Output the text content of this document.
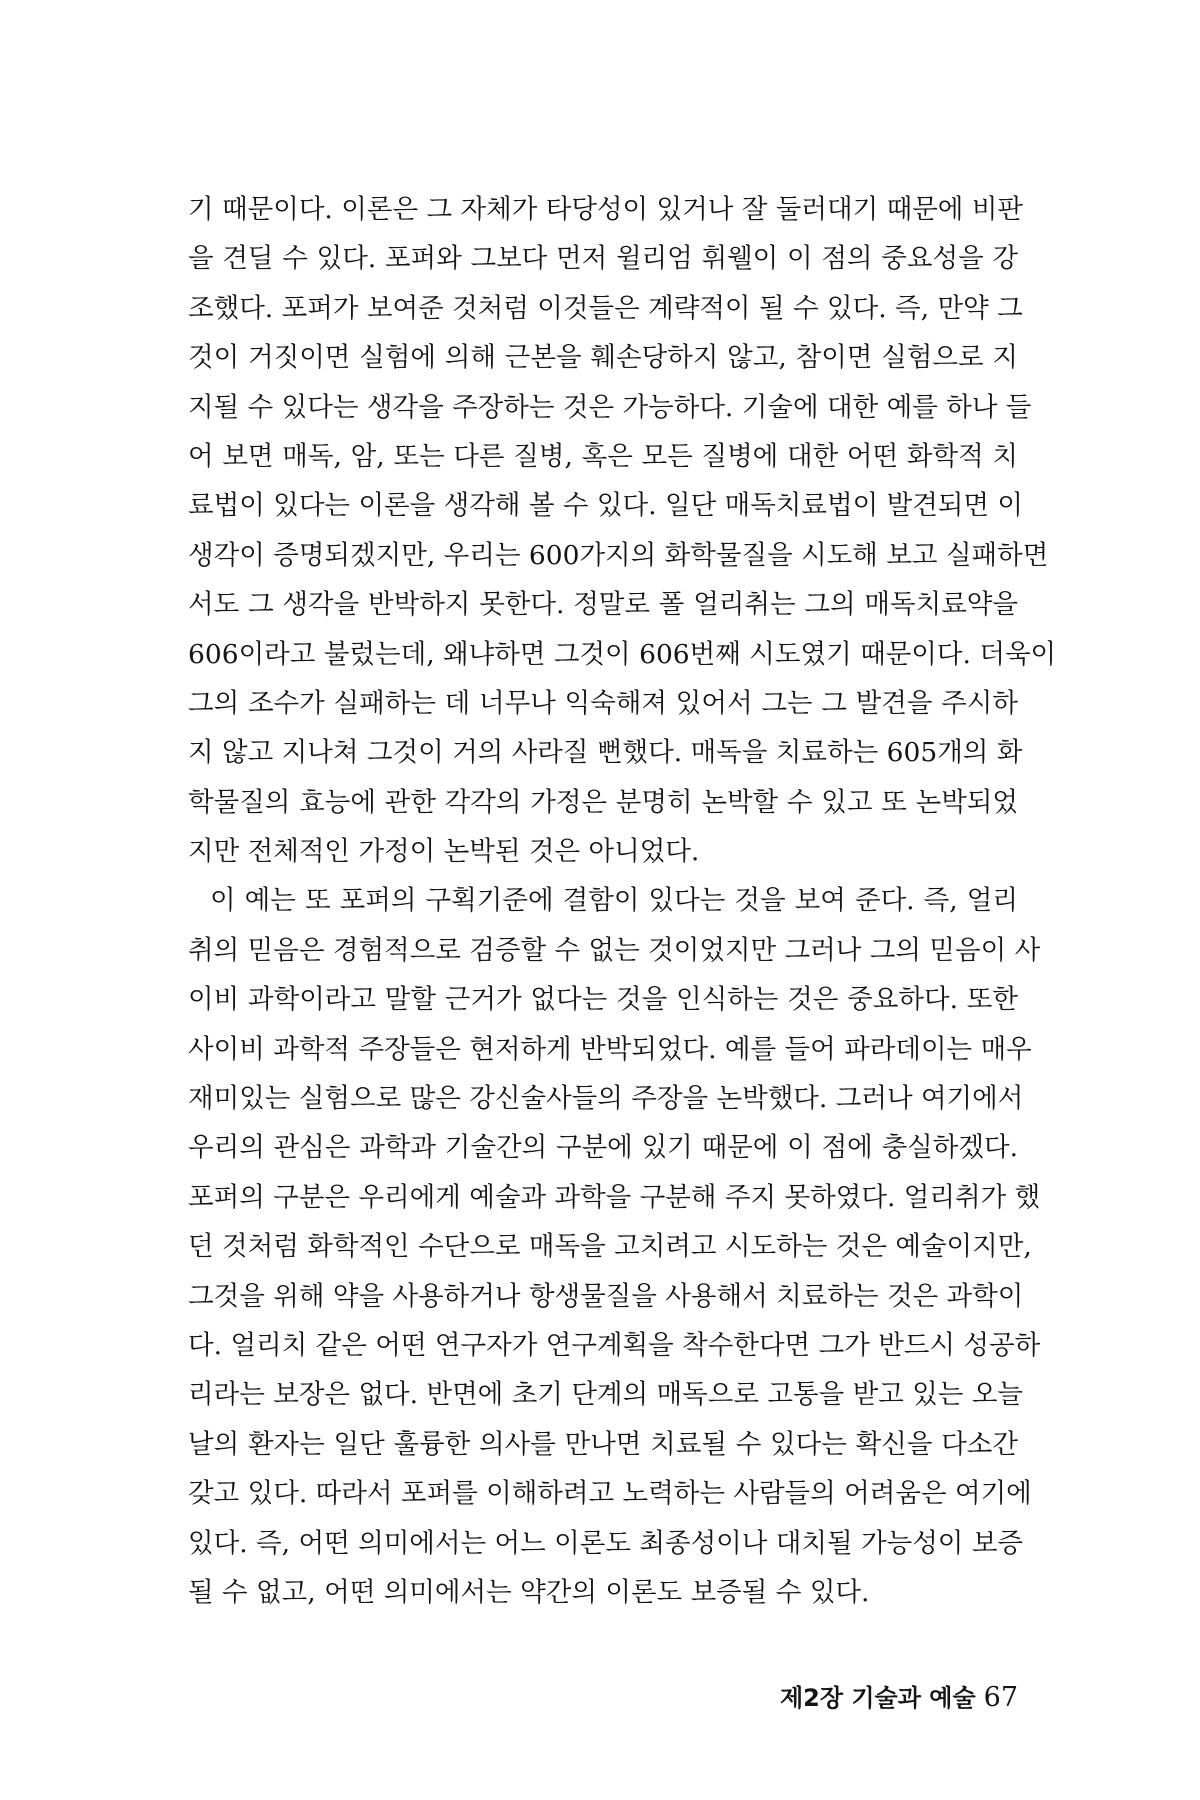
기 때문이다. 이론은 그 자체가 타당성이 있거나 잘 둘러대기 때문에 비판
을 견딜 수 있다. 포퍼와 그보다 먼저 윌리엄 휘웰이 이 점의 중요성을 강
조했다. 포퍼가 보여준 것처럼 이것들은 계략적이 될 수 있다. 즉, 만약 그
것이 거짓이면 실험에 의해 근본을 훼손당하지 않고, 참이면 실험으로 지
지될 수 있다는 생각을 주장하는 것은 가능하다. 기술에 대한 예를 하나 들
어 보면 매독, 암, 또는 다른 질병, 혹은 모든 질병에 대한 어떤 화학적 치
료법이 있다는 이론을 생각해 볼 수 있다. 일단 매독치료법이 발견되면 이
생각이 증명되겠지만, 우리는 600가지의 화학물질을 시도해 보고 실패하면
서도 그 생각을 반박하지 못한다. 정말로 폴 얼리취는 그의 매독치료약을
606이라고 불렀는데, 왜냐하면 그것이 606번째 시도였기 때문이다. 더욱이
그의 조수가 실패하는 데 너무나 익숙해져 있어서 그는 그 발견을 주시하
지 않고 지나쳐 그것이 거의 사라질 뻔했다. 매독을 치료하는 605개의 화
학물질의 효능에 관한 각각의 가정은 분명히 논박할 수 있고 또 논박되었
지만 전체적인 가정이 논박된 것은 아니었다.
이 예는 또 포퍼의 구획기준에 결함이 있다는 것을 보여 준다. 즉, 얼리
취의 믿음은 경험적으로 검증할 수 없는 것이었지만 그러나 그의 믿음이 사
이비 과학이라고 말할 근거가 없다는 것을 인식하는 것은 중요하다. 또한
사이비 과학적 주장들은 현저하게 반박되었다. 예를 들어 파라데이는 매우
재미있는 실험으로 많은 강신술사들의 주장을 논박했다. 그러나 여기에서
우리의 관심은 과학과 기술간의 구분에 있기 때문에 이 점에 충실하겠다.
포퍼의 구분은 우리에게 예술과 과학을 구분해 주지 못하였다. 얼리취가 했
던 것처럼 화학적인 수단으로 매독을 고치려고 시도하는 것은 예술이지만,
그것을 위해 약을 사용하거나 항생물질을 사용해서 치료하는 것은 과학이
다. 얼리치 같은 어떤 연구자가 연구계획을 착수한다면 그가 반드시 성공하
리라는 보장은 없다. 반면에 초기 단계의 매독으로 고통을 받고 있는 오늘
날의 환자는 일단 훌륭한 의사를 만나면 치료될 수 있다는 확신을 다소간
갖고 있다. 따라서 포퍼를 이해하려고 노력하는 사람들의 어려움은 여기에
있다. 즉, 어떤 의미에서는 어느 이론도 최종성이나 대치될 가능성이 보증
될 수 없고, 어떤 의미에서는 약간의 이론도 보증될 수 있다.
제2장 기술과 예술 67
